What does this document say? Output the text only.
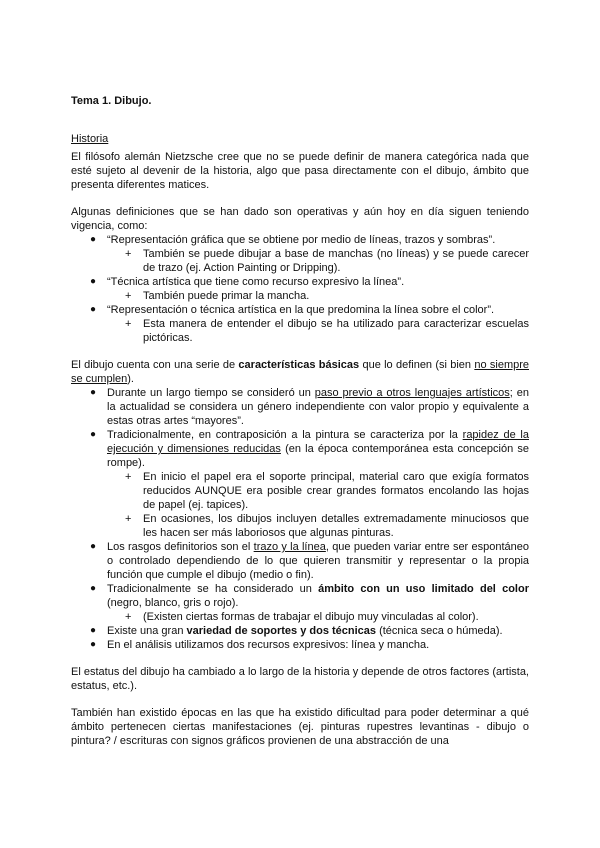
Tema 1. Dibujo.

Historia

El filósofo alemán Nietzsche cree que no se puede definir de manera categórica nada que esté sujeto al devenir de la historia, algo que pasa directamente con el dibujo, ámbito que presenta diferentes matices.

Algunas definiciones que se han dado son operativas y aún hoy en día siguen teniendo vigencia, como:

● “Representación gráfica que se obtiene por medio de líneas, trazos y sombras”.
+ También se puede dibujar a base de manchas (no líneas) y se puede carecer de trazo (ej. Action Painting or Dripping).
● “Técnica artística que tiene como recurso expresivo la línea”.
+ También puede primar la mancha.
● “Representación o técnica artística en la que predomina la línea sobre el color”.
+ Esta manera de entender el dibujo se ha utilizado para caracterizar escuelas pictóricas.

El dibujo cuenta con una serie de características básicas que lo definen (si bien no siempre se cumplen).

● Durante un largo tiempo se consideró un paso previo a otros lenguajes artísticos; en la actualidad se considera un género independiente con valor propio y equivalente a estas otras artes “mayores”.
● Tradicionalmente, en contraposición a la pintura se caracteriza por la rapidez de la ejecución y dimensiones reducidas (en la época contemporánea esta concepción se rompe).
+ En inicio el papel era el soporte principal, material caro que exigía formatos reducidos AUNQUE era posible crear grandes formatos encolando las hojas de papel (ej. tapices).
+ En ocasiones, los dibujos incluyen detalles extremadamente minuciosos que les hacen ser más laboriosos que algunas pinturas.
● Los rasgos definitorios son el trazo y la línea, que pueden variar entre ser espontáneo o controlado dependiendo de lo que quieren transmitir y representar o la propia función que cumple el dibujo (medio o fin).
● Tradicionalmente se ha considerado un ámbito con un uso limitado del color (negro, blanco, gris o rojo).
+ (Existen ciertas formas de trabajar el dibujo muy vinculadas al color).
● Existe una gran variedad de soportes y dos técnicas (técnica seca o húmeda).
● En el análisis utilizamos dos recursos expresivos: línea y mancha.

El estatus del dibujo ha cambiado a lo largo de la historia y depende de otros factores (artista, estatus, etc.).

También han existido épocas en las que ha existido dificultad para poder determinar a qué ámbito pertenecen ciertas manifestaciones (ej. pinturas rupestres levantinas - dibujo o pintura? / escrituras con signos gráficos provienen de una abstracción de una
